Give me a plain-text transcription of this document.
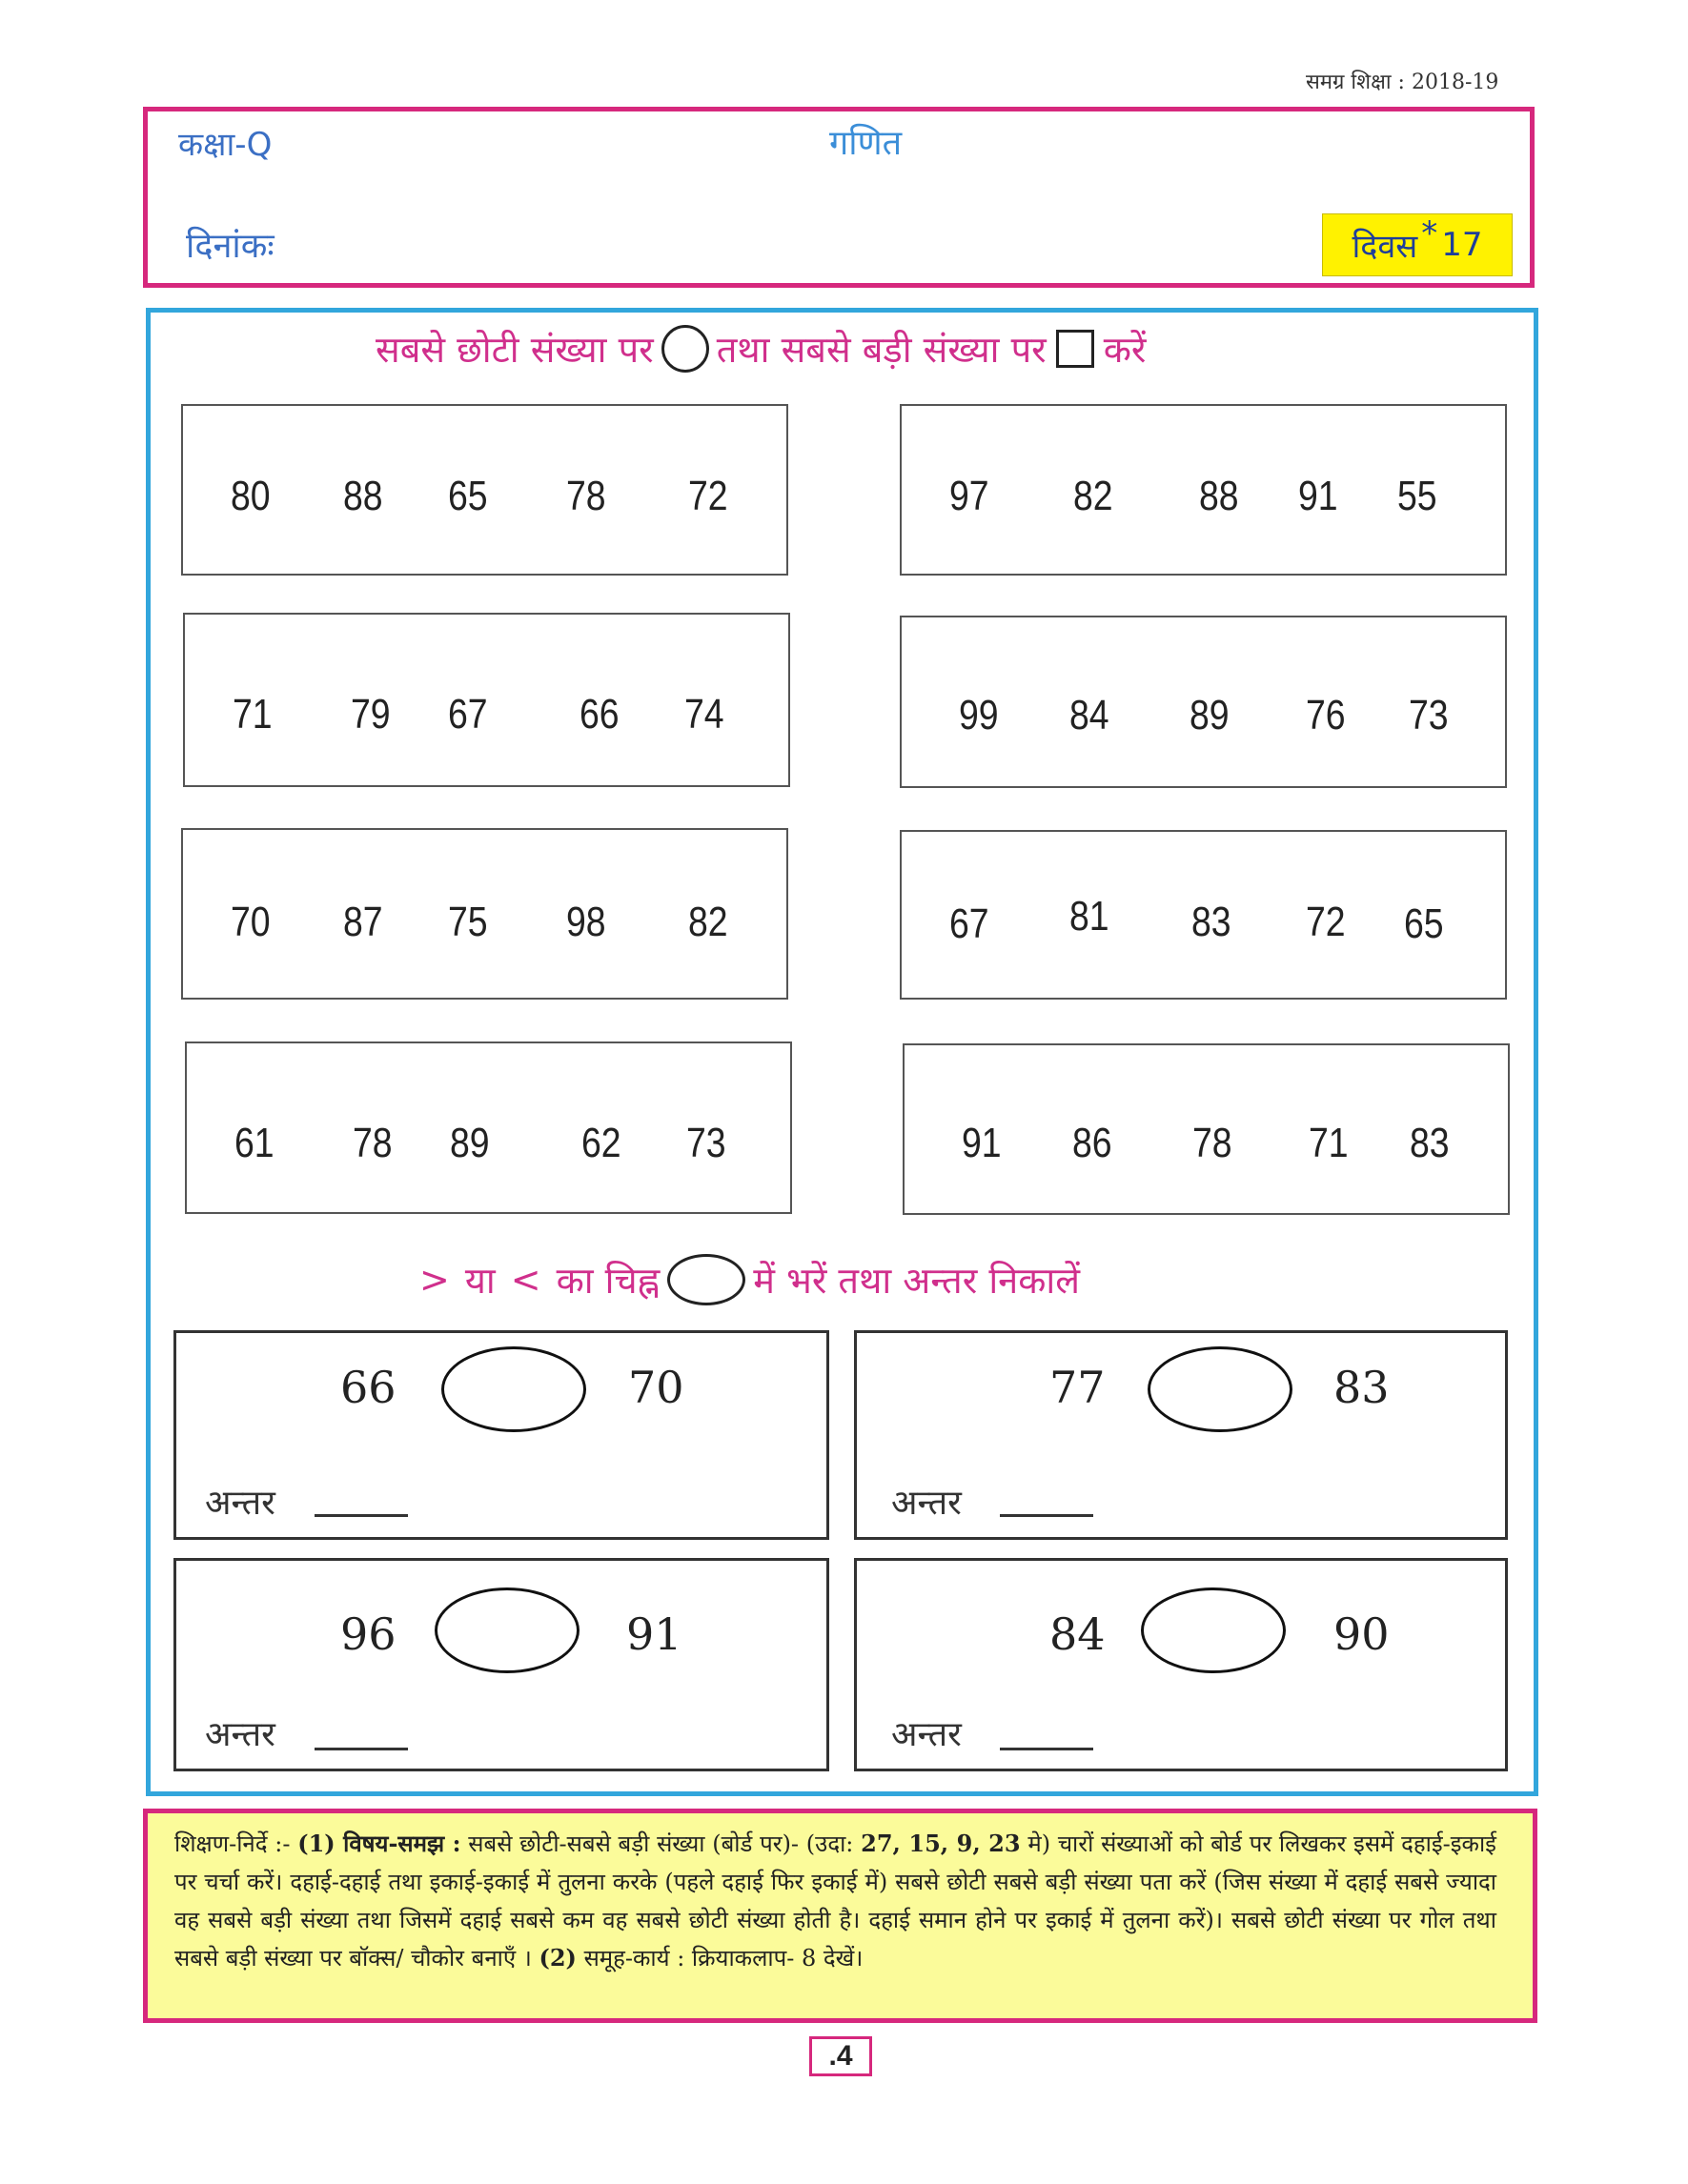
समग्र शिक्षा : 2018-19
कक्षा-Q	गणित
दिनांकः	दिवस * 17
सबसे छोटी संख्या पर तथा सबसे बड़ी संख्या पर करें
80 88 65 78 72	97 82 88 91 55
71 79 67 66 74	99 84 89 76 73
70 87 75 98 82	67 81 83 72 65
61 78 89 62 73	91 86 78 71 83
> या < का चिह्न	में भरें तथा अन्तर निकालें
66	70
अन्तर
77	83
अन्तर
96	91
अन्तर
84	90
अन्तर
शिक्षण-निर्दे :- (1) विषय-समझ : सबसे छोटी-सबसे बड़ी संख्या (बोर्ड पर)- (उदा: 27, 15, 9, 23 मे) चारों संख्याओं को बोर्ड पर लिखकर इसमें दहाई-इकाई पर चर्चा करें। दहाई-दहाई तथा इकाई-इकाई में तुलना करके (पहले दहाई फिर इकाई में) सबसे छोटी सबसे बड़ी संख्या पता करें (जिस संख्या में दहाई सबसे ज्यादा वह सबसे बड़ी संख्या तथा जिसमें दहाई सबसे कम वह सबसे छोटी संख्या होती है। दहाई समान होने पर इकाई में तुलना करें)। सबसे छोटी संख्या पर गोल तथा सबसे बड़ी संख्या पर बॉक्स/ चौकोर बनाएँ । (2) समूह-कार्य : क्रियाकलाप- 8 देखें।
.4
